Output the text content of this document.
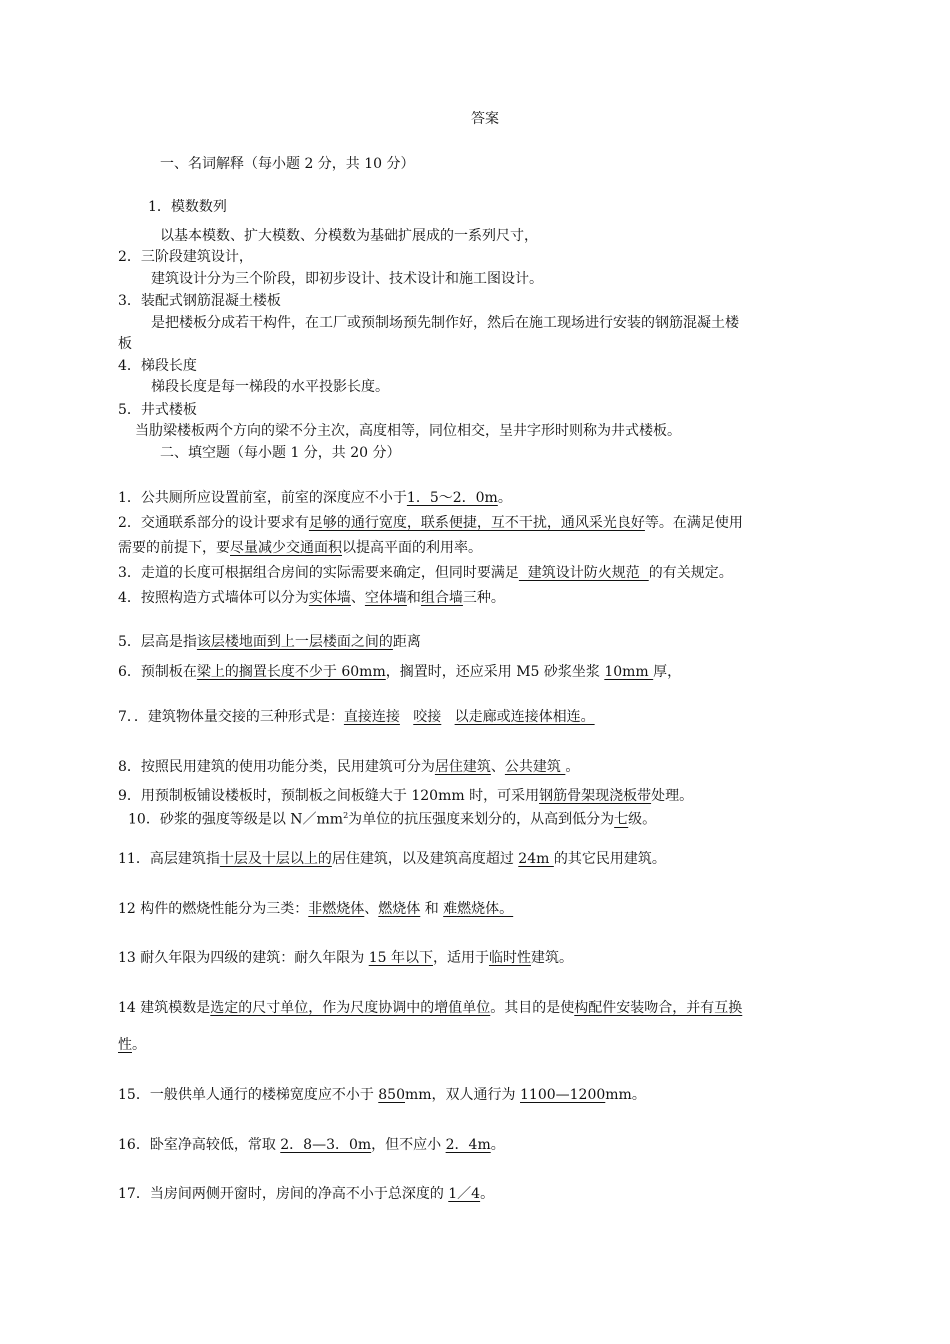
答案
一、名词解释（每小题 2 分，共 10 分）
1．模数数列
以基本模数、扩大模数、分模数为基础扩展成的一系列尺寸，
2．三阶段建筑设计，
建筑设计分为三个阶段，即初步设计、技术设计和施工图设计。
3．装配式钢筋混凝土楼板
是把楼板分成若干构件，在工厂或预制场预先制作好，然后在施工现场进行安装的钢筋混凝土楼
板
4．梯段长度
梯段长度是每一梯段的水平投影长度。
5．井式楼板
当肋梁楼板两个方向的梁不分主次，高度相等，同位相交，呈井字形时则称为井式楼板。
二、填空题（每小题 1 分，共 20 分）
1．公共厕所应设置前室，前室的深度应不小于1．5～2．0m。
2．交通联系部分的设计要求有足够的通行宽度，联系便捷，互不干扰，通风采光良好等。在满足使用
需要的前提下，要尽量减少交通面积以提高平面的利用率。
3．走道的长度可根据组合房间的实际需要来确定，但同时要满足  建筑设计防火规范  的有关规定。
4．按照构造方式墙体可以分为实体墙、空体墙和组合墙三种。
5．层高是指该层楼地面到上一层楼面之间的距离
6．预制板在梁上的搁置长度不少于 60mm，搁置时，还应采用 M5 砂浆坐浆 10mm 厚，
7．．建筑物体量交接的三种形式是：直接连接 咬接 以走廊或连接体相连。
8．按照民用建筑的使用功能分类，民用建筑可分为居住建筑、公共建筑 。
9．用预制板铺设楼板时，预制板之间板缝大于 120mm 时，可采用钢筋骨架现浇板带处理。
10．砂浆的强度等级是以 $N/mm^2$为单位的抗压强度来划分的，从高到低分为七级。
11．高层建筑指十层及十层以上的居住建筑，以及建筑高度超过 24m 的其它民用建筑。
12 构件的燃烧性能分为三类：非燃烧体、燃烧体 和 难燃烧体。
13 耐久年限为四级的建筑：耐久年限为 15 年以下，适用于临时性建筑。
14 建筑模数是选定的尺寸单位，作为尺度协调中的增值单位。其目的是使构配件安装吻合，并有互换
性。
15．一般供单人通行的楼梯宽度应不小于 850mm，双人通行为 1100—1200mm。
16．卧室净高较低，常取 2．8—3．0m，但不应小 2．4m。
17．当房间两侧开窗时，房间的净高不小于总深度的 1／4。
